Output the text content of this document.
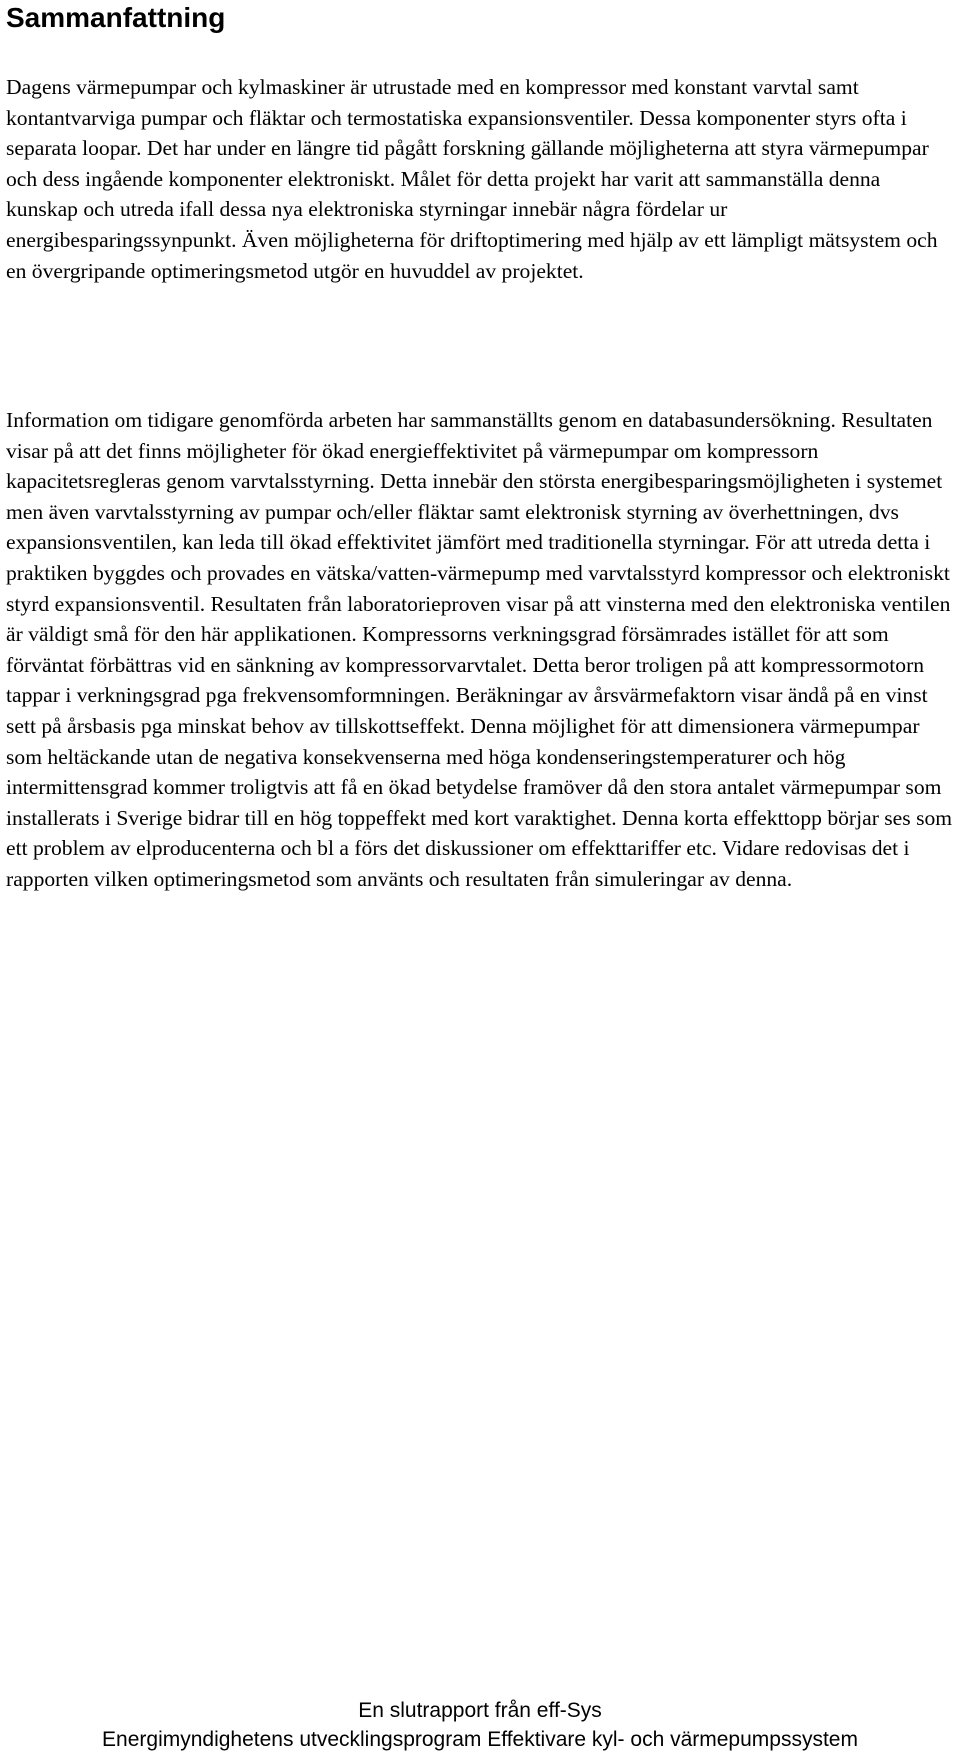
Sammanfattning

Dagens värmepumpar och kylmaskiner är utrustade med en kompressor med konstant varvtal samt kontantvarviga pumpar och fläktar och termostatiska expansionsventiler. Dessa komponenter styrs ofta i separata loopar. Det har under en längre tid pågått forskning gällande möjligheterna att styra värmepumpar och dess ingående komponenter elektroniskt. Målet för detta projekt har varit att sammanställa denna kunskap och utreda ifall dessa nya elektroniska styrningar innebär några fördelar ur energibesparingssynpunkt. Även möjligheterna för driftoptimering med hjälp av ett lämpligt mätsystem och en övergripande optimeringsmetod utgör en huvuddel av projektet.

Information om tidigare genomförda arbeten har sammanställts genom en databasundersökning. Resultaten visar på att det finns möjligheter för ökad energieffektivitet på värmepumpar om kompressorn kapacitetsregleras genom varvtalsstyrning. Detta innebär den största energibesparingsmöjligheten i systemet men även varvtalsstyrning av pumpar och/eller fläktar samt elektronisk styrning av överhettningen, dvs expansionsventilen, kan leda till ökad effektivitet jämfört med traditionella styrningar. För att utreda detta i praktiken byggdes och provades en vätska/vatten-värmepump med varvtalsstyrd kompressor och elektroniskt styrd expansionsventil. Resultaten från laboratorieproven visar på att vinsterna med den elektroniska ventilen är väldigt små för den här applikationen. Kompressorns verkningsgrad försämrades istället för att som förväntat förbättras vid en sänkning av kompressorvarvtalet. Detta beror troligen på att kompressormotorn tappar i verkningsgrad pga frekvensomformningen. Beräkningar av årsvärmefaktorn visar ändå på en vinst sett på årsbasis pga minskat behov av tillskottseffekt. Denna möjlighet för att dimensionera värmepumpar som heltäckande utan de negativa konsekvenserna med höga kondenseringstemperaturer och hög intermittensgrad kommer troligtvis att få en ökad betydelse framöver då den stora antalet värmepumpar som installerats i Sverige bidrar till en hög toppeffekt med kort varaktighet. Denna korta effekttopp börjar ses som ett problem av elproducenterna och bl a förs det diskussioner om effekttariffer etc. Vidare redovisas det i rapporten vilken optimeringsmetod som använts och resultaten från simuleringar av denna.

En slutrapport från eff-Sys

Energimyndighetens utvecklingsprogram Effektivare kyl- och värmepumpssystem
